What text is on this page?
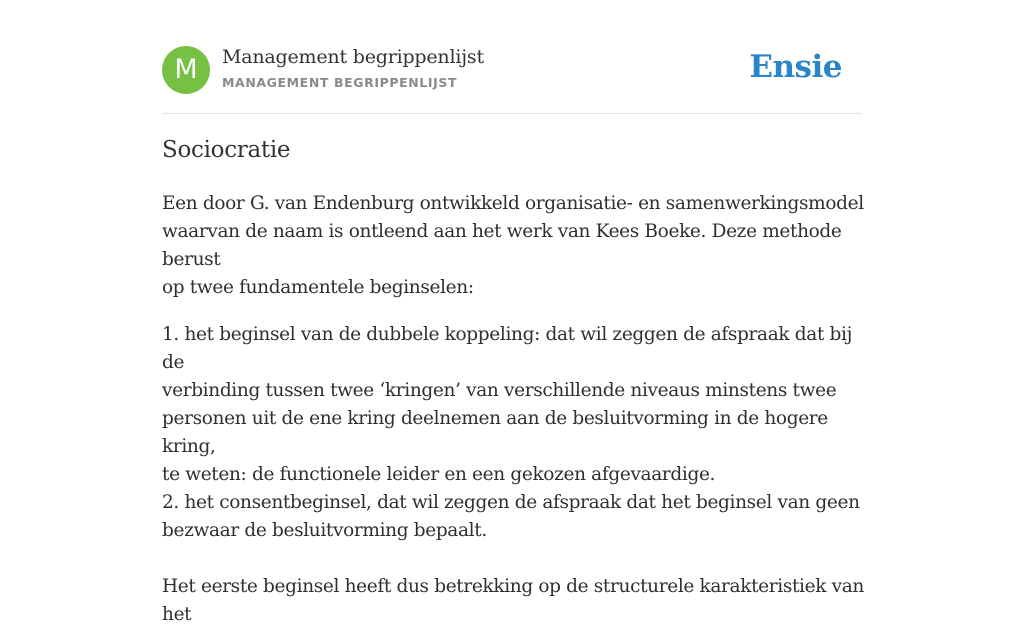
M	Management begrippenlijst
MANAGEMENT BEGRIPPENLIJST	Ensie
Sociocratie

Een door G. van Endenburg ontwikkeld organisatie- en samenwerkingsmodel

waarvan de naam is ontleend aan het werk van Kees Boeke. Deze methode berust

op twee fundamentele beginselen:

1. het beginsel van de dubbele koppeling: dat wil zeggen de afspraak dat bij de

verbinding tussen twee ‘kringen’ van verschillende niveaus minstens twee

personen uit de ene kring deelnemen aan de besluitvorming in de hogere kring,

te weten: de functionele leider en een gekozen afgevaardige.

2. het consentbeginsel, dat wil zeggen de afspraak dat het beginsel van geen

bezwaar de besluitvorming bepaalt.

Het eerste beginsel heeft dus betrekking op de structurele karakteristiek van het
